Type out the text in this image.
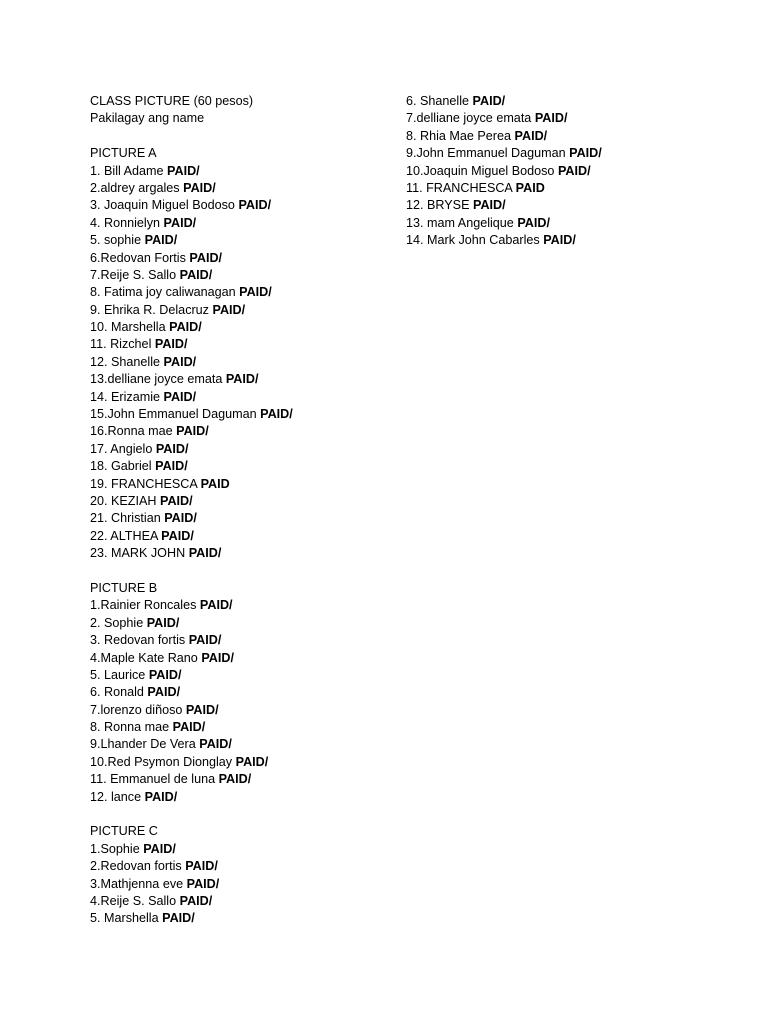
CLASS PICTURE (60 pesos)
Pakilagay ang name
PICTURE A
1. Bill Adame PAID/
2.aldrey argales PAID/
3. Joaquin Miguel Bodoso PAID/
4. Ronnielyn PAID/
5. sophie PAID/
6.Redovan Fortis PAID/
7.Reije S. Sallo PAID/
8. Fatima joy caliwanagan PAID/
9. Ehrika R. Delacruz PAID/
10. Marshella PAID/
11. Rizchel PAID/
12. Shanelle PAID/
13.delliane joyce emata PAID/
14. Erizamie PAID/
15.John Emmanuel Daguman PAID/
16.Ronna mae PAID/
17. Angielo PAID/
18. Gabriel PAID/
19. FRANCHESCA PAID
20. KEZIAH PAID/
21. Christian PAID/
22. ALTHEA PAID/
23. MARK JOHN PAID/
PICTURE B
1.Rainier Roncales PAID/
2. Sophie PAID/
3. Redovan fortis PAID/
4.Maple Kate Rano PAID/
5. Laurice PAID/
6. Ronald PAID/
7.lorenzo diñoso PAID/
8. Ronna mae PAID/
9.Lhander De Vera PAID/
10.Red Psymon Dionglay PAID/
11. Emmanuel de luna PAID/
12. lance PAID/
PICTURE C
1.Sophie PAID/
2.Redovan fortis PAID/
3.Mathjenna eve PAID/
4.Reije S. Sallo PAID/
5. Marshella PAID/
6. Shanelle PAID/
7.delliane joyce emata PAID/
8. Rhia Mae Perea PAID/
9.John Emmanuel Daguman PAID/
10.Joaquin Miguel Bodoso PAID/
11. FRANCHESCA PAID
12. BRYSE PAID/
13. mam Angelique PAID/
14. Mark John Cabarles PAID/
